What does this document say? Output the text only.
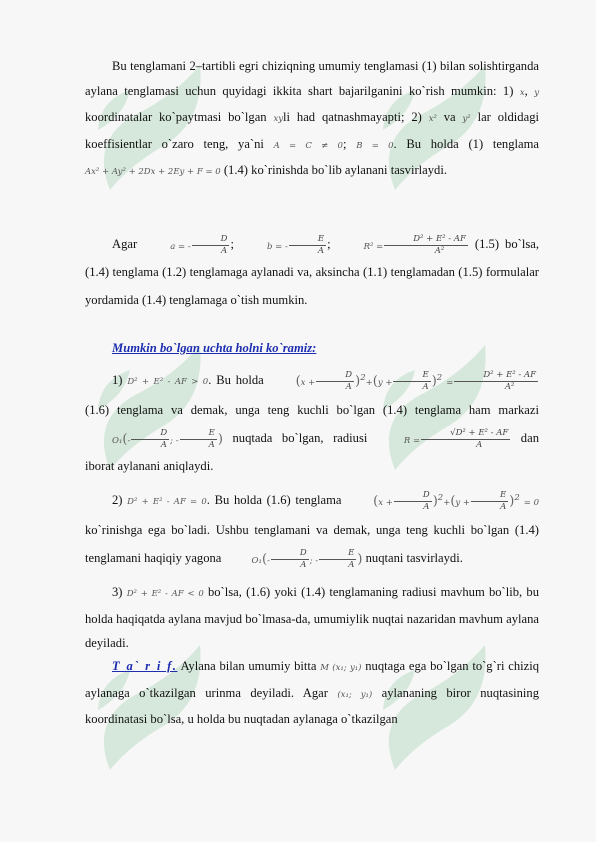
Bu tenglamani 2–tartibli egri chiziqning umumiy tenglamasi (1) bilan solishtirganda aylana tenglamasi uchun quyidagi ikkita shart bajarilganini ko`rish mumkin: 1) x, y koordinatalar ko`paytmasi bo`lgan xyli had qatnashmayapti; 2) x² va y² lar oldidagi koeffisientlar o`zaro teng, ya`ni A = C ≠ 0; B = 0. Bu holda (1) tenglama Ax² + Ay² + 2Dx + 2Ey + F = 0 (1.4) ko`rinishda bo`lib aylanani tasvirlaydi.

Agar	a = - $\frac{D}{A}$ ;	b = - $\frac{E}{A}$ ;	$R^2 = \frac{\text{D² + E² - AF}}{\text{A²}} (1.5)$ bo`lsa, (1.4) tenglama (1.2) tenglamaga aylanadi va, aksincha (1.1) tenglamadan (1.5) formulalar yordamida (1.4) tenglamaga o`tish mumkin.

Mumkin bo`lgan uchta holni ko`ramiz:

1) D² + E² - AF > 0. Bu holda $(x + \frac{D}{A} )^2+(y + \frac{E}{A} )^2 = \frac{\text{D² + E² - AF}}{\text{A²}}$
(1.6) tenglama va demak, unga teng kuchli bo`lgan (1.4) tenglama ham markazi $O_1(- \frac{D}{A}$ ; - $\frac{E}{A}$ ) nuqtada bo`lgan, radiusi	$R = \frac{\text{√D² + E² - AF}}{A}$ dan iborat aylanani aniqlaydi.

2) D² + E² - AF = 0. Bu holda (1.6) tenglama $(x + \frac{D}{A} )^2+(y + \frac{E}{A} )^2 = 0$ ko`rinishga ega bo`ladi. Ushbu tenglamani va demak, unga teng kuchli bo`lgan (1.4) tenglamani haqiqiy yagona	$O_1(- \frac{D}{A}$ ; - $\frac{E}{A}$ ) nuqtani tasvirlaydi.

3) D² + E² - AF < 0 bo`lsa, (1.6) yoki (1.4) tenglamaning radiusi mavhum bo`lib, bu holda haqiqatda aylana mavjud bo`lmasa-da, umumiylik nuqtai nazaridan mavhum aylana deyiladi.

T a` r i f. Aylana bilan umumiy bitta M (x₁; y₁) nuqtaga ega bo`lgan to`g`ri chiziq aylanaga o`tkazilgan urinma deyiladi. Agar (x₁; y₁) aylananing biror nuqtasining koordinatasi bo`lsa, u holda bu nuqtadan aylanaga o`tkazilgan
